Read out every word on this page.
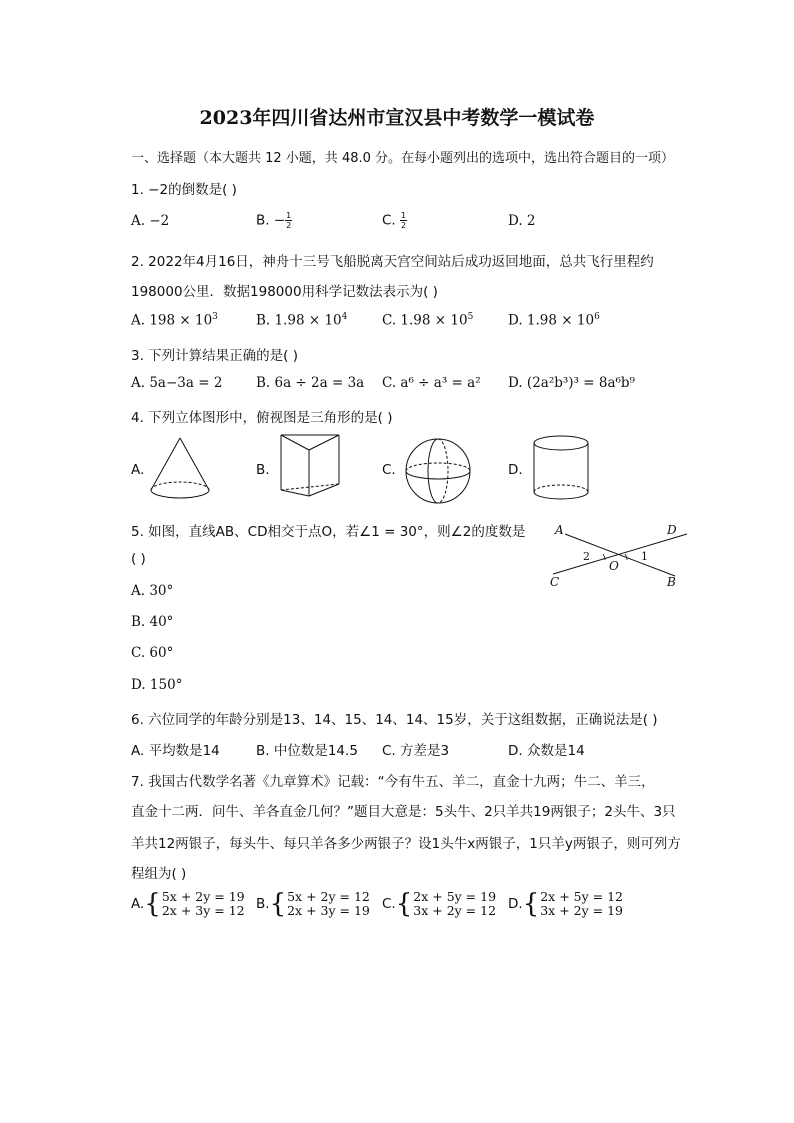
2023年四川省达州市宣汉县中考数学一模试卷
一、选择题（本大题共 12 小题，共 48.0 分。在每小题列出的选项中，选出符合题目的一项）
1. −2的倒数是( )
A. −2	B. − $\frac{1}{2}$	C. $\frac{1}{2}$	D. 2
2. 2022年4月16日，神舟十三号飞船脱离天宫空间站后成功返回地面，总共飞行里程约
198000公里．数据198000用科学记数法表示为( )
A. $198 \times 10^3$	B. $1.98 \times 10^4$	C. $1.98 \times 10^5$	D. $1.98 \times 10^6$
3. 下列计算结果正确的是( )
A. 5a−3a = 2 B. 6a ÷ 2a = 3a C. a⁶ ÷ a³ = a² D. (2a²b³)³ = 8a⁶b⁹
4. 下列立体图形中，俯视图是三角形的是( )
A.	B.	C.	D.
5. 如图，直线AB、CD相交于点O，若∠1 = 30°，则∠2的度数是
( )
A. 30°
B. 40°
C. 60°
D. 150°
A	D
C	B
O
1
2
6. 六位同学的年龄分别是13、14、15、14、14、15岁，关于这组数据，正确说法是( )
A. 平均数是14	B. 中位数是14.5 C. 方差是3	D. 众数是14
7. 我国古代数学名著《九章算术》记载：“今有牛五、羊二，直金十九两；牛二、羊三，
直金十二两．问牛、羊各直金几何？”题目大意是：5头牛、2只羊共19两银子；2头牛、3只
羊共12两银子，每头牛、每只羊各多少两银子？设1头牛x两银子，1只羊y两银子，则可列方
程组为( )
A.{ 5x + 2y = 19
2x + 3y = 12 B.{ 5x + 2y = 12
2x + 3y = 19 C.{ 2x + 5y = 19
3x + 2y = 12 D.{ 2x + 5y = 12
3x + 2y = 19
